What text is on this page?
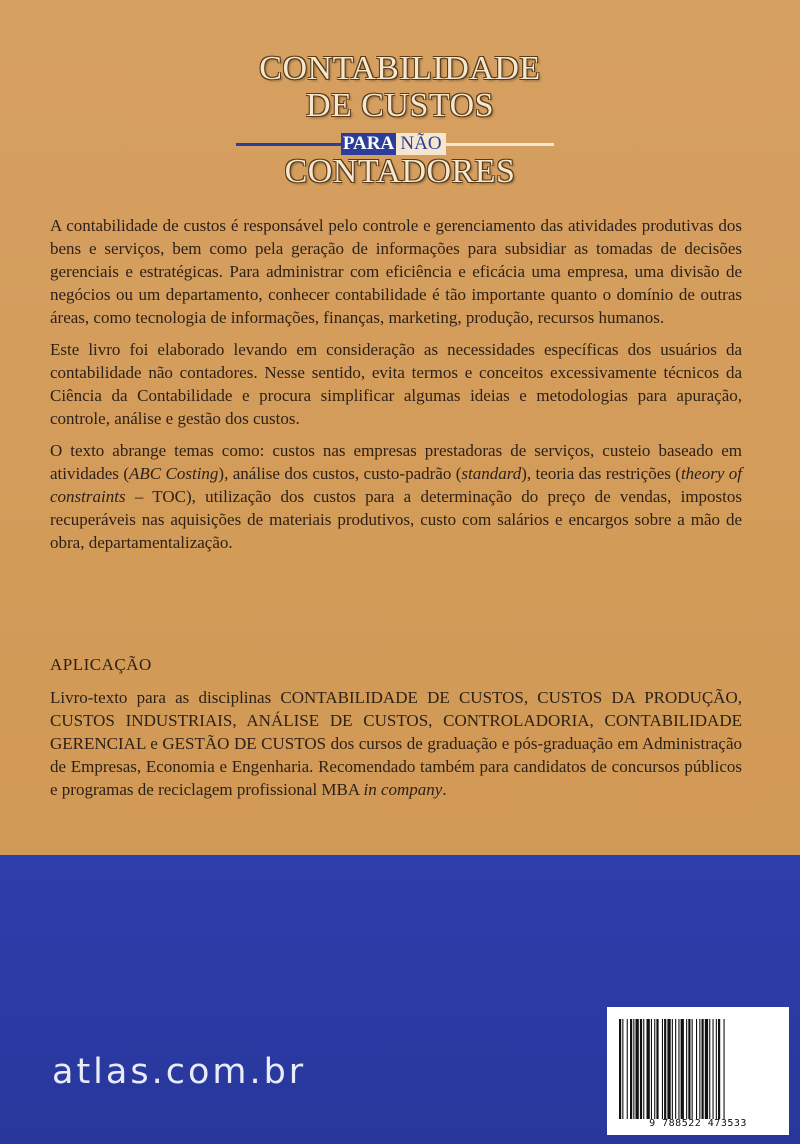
CONTABILIDADE
DE CUSTOS
PARA NÃO
CONTADORES

A contabilidade de custos é responsável pelo controle e gerenciamento das atividades produtivas dos bens e serviços, bem como pela geração de informações para subsidiar as tomadas de decisões gerenciais e estratégicas. Para administrar com eficiência e eficácia uma empresa, uma divisão de negócios ou um departamento, conhecer contabilidade é tão importante quanto o domínio de outras áreas, como tecnologia de informações, finanças, marketing, produção, recursos humanos.

Este livro foi elaborado levando em consideração as necessidades específicas dos usuários da contabilidade não contadores. Nesse sentido, evita termos e conceitos excessivamente técnicos da Ciência da Contabilidade e procura simplificar algumas ideias e metodologias para apuração, controle, análise e gestão dos custos.

O texto abrange temas como: custos nas empresas prestadoras de serviços, custeio baseado em atividades (ABC Costing), análise dos custos, custo-padrão (standard), teoria das restrições (theory of constraints – TOC), utilização dos custos para a determinação do preço de vendas, impostos recuperáveis nas aquisições de materiais produtivos, custo com salários e encargos sobre a mão de obra, departamentalização.

APLICAÇÃO

Livro-texto para as disciplinas CONTABILIDADE DE CUSTOS, CUSTOS DA PRODUÇÃO, CUSTOS INDUSTRIAIS, ANÁLISE DE CUSTOS, CONTROLADORIA, CONTABILIDADE GERENCIAL e GESTÃO DE CUSTOS dos cursos de graduação e pós-graduação em Administração de Empresas, Economia e Engenharia. Recomendado também para candidatos de concursos públicos e programas de reciclagem profissional MBA in company.

atlas.com.br
9 788522 473533
